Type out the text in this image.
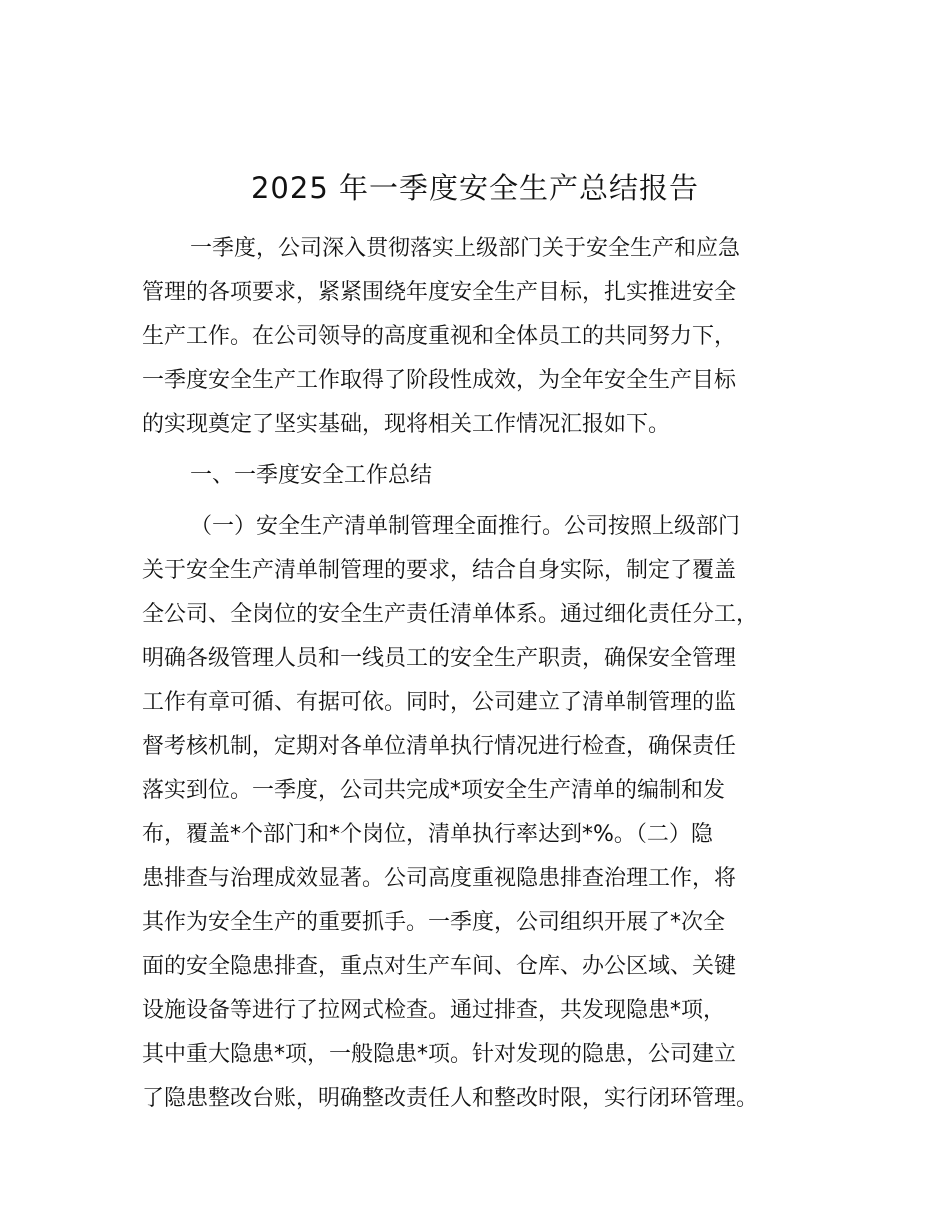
2025 年一季度安全生产总结报告
一季度，公司深入贯彻落实上级部门关于安全生产和应急
管理的各项要求，紧紧围绕年度安全生产目标，扎实推进安全
生产工作。在公司领导的高度重视和全体员工的共同努力下，
一季度安全生产工作取得了阶段性成效，为全年安全生产目标
的实现奠定了坚实基础，现将相关工作情况汇报如下。
一、一季度安全工作总结
（一）安全生产清单制管理全面推行。公司按照上级部门
关于安全生产清单制管理的要求，结合自身实际，制定了覆盖
全公司、全岗位的安全生产责任清单体系。通过细化责任分工，
明确各级管理人员和一线员工的安全生产职责，确保安全管理
工作有章可循、有据可依。同时，公司建立了清单制管理的监
督考核机制，定期对各单位清单执行情况进行检查，确保责任
落实到位。一季度，公司共完成*项安全生产清单的编制和发
布，覆盖*个部门和*个岗位，清单执行率达到*%。（二）隐
患排查与治理成效显著。公司高度重视隐患排查治理工作，将
其作为安全生产的重要抓手。一季度，公司组织开展了*次全
面的安全隐患排查，重点对生产车间、仓库、办公区域、关键
设施设备等进行了拉网式检查。通过排查，共发现隐患*项，
其中重大隐患*项，一般隐患*项。针对发现的隐患，公司建立
了隐患整改台账，明确整改责任人和整改时限，实行闭环管理。
